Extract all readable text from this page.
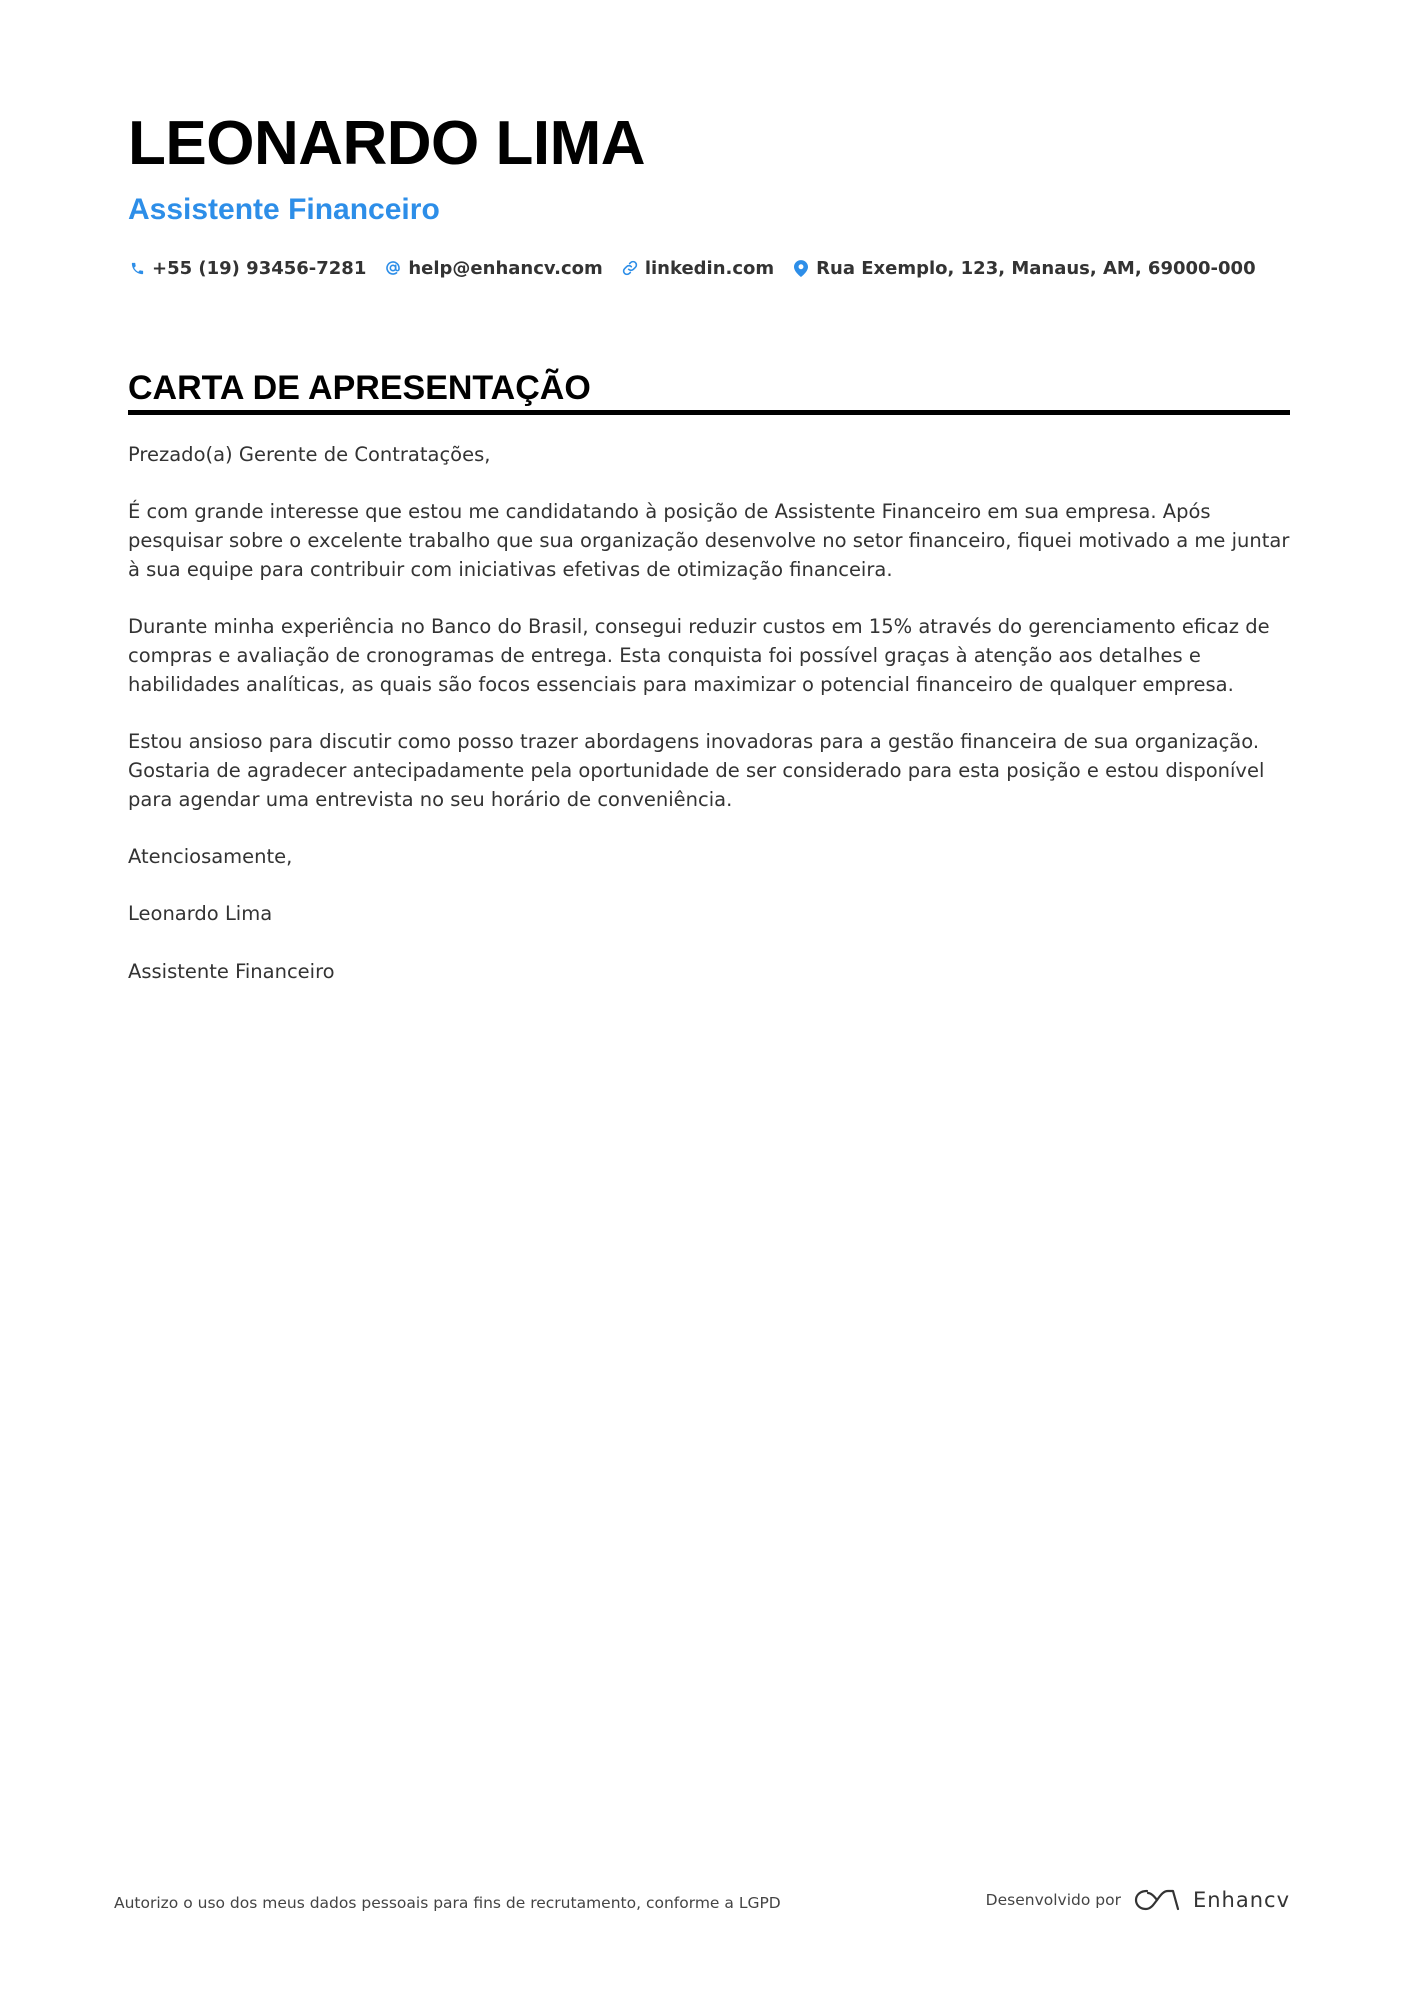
LEONARDO LIMA
Assistente Financeiro
+55 (19) 93456-7281 help@enhancv.com linkedin.com Rua Exemplo, 123, Manaus, AM, 69000-000
CARTA DE APRESENTAÇÃO

Prezado(a) Gerente de Contratações,

É com grande interesse que estou me candidatando à posição de Assistente Financeiro em sua empresa. Após pesquisar sobre o excelente trabalho que sua organização desenvolve no setor financeiro, fiquei motivado a me juntar à sua equipe para contribuir com iniciativas efetivas de otimização financeira.

Durante minha experiência no Banco do Brasil, consegui reduzir custos em 15% através do gerenciamento eficaz de compras e avaliação de cronogramas de entrega. Esta conquista foi possível graças à atenção aos detalhes e habilidades analíticas, as quais são focos essenciais para maximizar o potencial financeiro de qualquer empresa.

Estou ansioso para discutir como posso trazer abordagens inovadoras para a gestão financeira de sua organização. Gostaria de agradecer antecipadamente pela oportunidade de ser considerado para esta posição e estou disponível para agendar uma entrevista no seu horário de conveniência.

Atenciosamente,

Leonardo Lima

Assistente Financeiro

Autorizo o uso dos meus dados pessoais para fins de recrutamento, conforme a LGPD	Desenvolvido por	Enhancv
